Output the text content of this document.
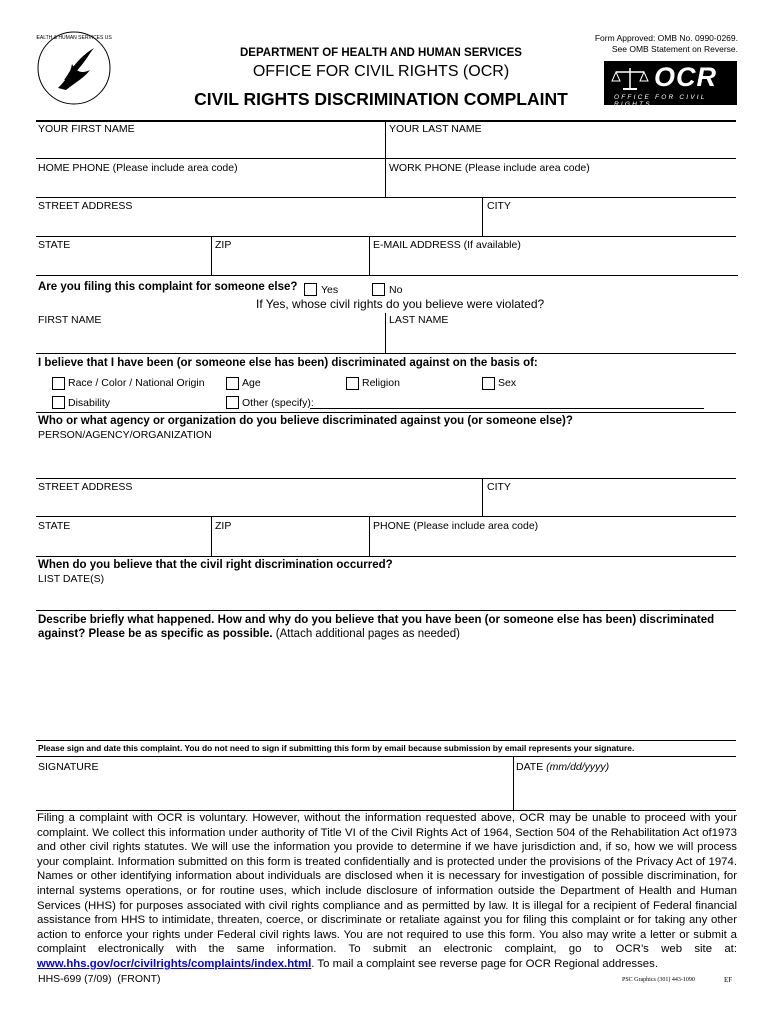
HEALTH & HUMAN SERVICES USA	Form Approved: OMB No. 0990-0269.
See OMB Statement on Reverse.
DEPARTMENT OF HEALTH AND HUMAN SERVICES
OFFICE FOR CIVIL RIGHTS (OCR)
CIVIL RIGHTS DISCRIMINATION COMPLAINT
OCR
OFFICE FOR CIVIL RIGHTS
YOUR FIRST NAME	YOUR LAST NAME
HOME PHONE (Please include area code)	WORK PHONE (Please include area code)
STREET ADDRESS	CITY
STATE	ZIP	E-MAIL ADDRESS (If available)
Are you filing this complaint for someone else? Yes	No
If Yes, whose civil rights do you believe were violated?
FIRST NAME	LAST NAME
I believe that I have been (or someone else has been) discriminated against on the basis of:
Race / Color / National Origin	Age	Religion	Sex
Disability	Other (specify):
Who or what agency or organization do you believe discriminated against you (or someone else)?
PERSON/AGENCY/ORGANIZATION
STREET ADDRESS	CITY
STATE	ZIP	PHONE (Please include area code)
When do you believe that the civil right discrimination occurred?
LIST DATE(S)
Describe briefly what happened. How and why do you believe that you have been (or someone else has been) discriminated against? Please be as specific as possible. (Attach additional pages as needed)
Please sign and date this complaint. You do not need to sign if submitting this form by email because submission by email represents your signature.
SIGNATURE	DATE (mm/dd/yyyy)
Filing a complaint with OCR is voluntary. However, without the information requested above, OCR may be unable to proceed with your complaint. We collect this information under authority of Title VI of the Civil Rights Act of 1964, Section 504 of the Rehabilitation Act of1973 and other civil rights statutes. We will use the information you provide to determine if we have jurisdiction and, if so, how we will process your complaint. Information submitted on this form is treated confidentially and is protected under the provisions of the Privacy Act of 1974. Names or other identifying information about individuals are disclosed when it is necessary for investigation of possible discrimination, for internal systems operations, or for routine uses, which include disclosure of information outside the Department of Health and Human Services (HHS) for purposes associated with civil rights compliance and as permitted by law. It is illegal for a recipient of Federal financial assistance from HHS to intimidate, threaten, coerce, or discriminate or retaliate against you for filing this complaint or for taking any other action to enforce your rights under Federal civil rights laws. You are not required to use this form. You also may write a letter or submit a complaint electronically with the same information. To submit an electronic complaint, go to OCR’s web site at: www.hhs.gov/ocr/civilrights/complaints/index.html. To mail a complaint see reverse page for OCR Regional addresses.
HHS-699 (7/09)  (FRONT)	PSC Graphics (301) 443-1090	EF
